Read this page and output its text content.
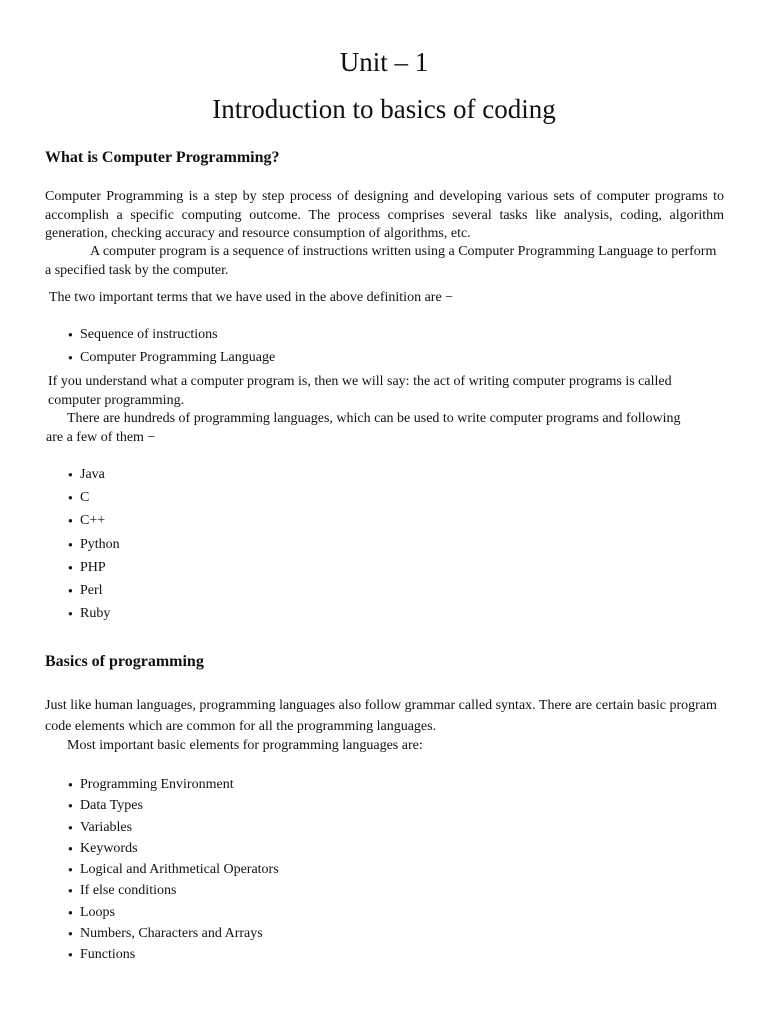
Unit – 1
Introduction to basics of coding
What is Computer Programming?

Computer Programming is a step by step process of designing and developing various sets of computer programs to accomplish a specific computing outcome. The process comprises several tasks like analysis, coding, algorithm generation, checking accuracy and resource consumption of algorithms, etc.

A computer program is a sequence of instructions written using a Computer Programming Language to perform a specified task by the computer.

The two important terms that we have used in the above definition are −

● Sequence of instructions
● Computer Programming Language

If you understand what a computer program is, then we will say: the act of writing computer programs is called computer programming.

There are hundreds of programming languages, which can be used to write computer programs and following are a few of them −

● Java
● C
● C++
● Python
● PHP
● Perl
● Ruby
Basics of programming

Just like human languages, programming languages also follow grammar called syntax. There are certain basic program code elements which are common for all the programming languages.

Most important basic elements for programming languages are:

● Programming Environment
● Data Types
● Variables
● Keywords
● Logical and Arithmetical Operators
● If else conditions
● Loops
● Numbers, Characters and Arrays
● Functions
